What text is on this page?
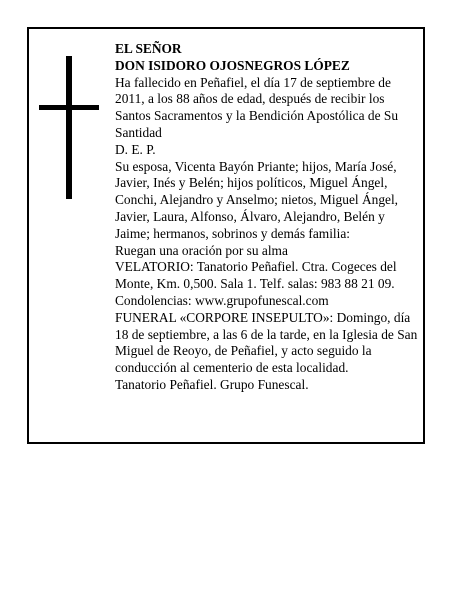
EL SEÑOR

DON ISIDORO OJOSNEGROS LÓPEZ

Ha fallecido en Peñafiel, el día 17 de septiembre de 2011, a los 88 años de edad, después de recibir los Santos Sacramentos y la Bendición Apostólica de Su Santidad

D. E. P.

Su esposa, Vicenta Bayón Priante; hijos, María José, Javier, Inés y Belén; hijos políticos, Miguel Ángel, Conchi, Alejandro y Anselmo; nietos, Miguel Ángel, Javier, Laura, Alfonso, Álvaro, Alejandro, Belén y Jaime; hermanos, sobrinos y demás familia:

Ruegan una oración por su alma

VELATORIO: Tanatorio Peñafiel. Ctra. Cogeces del Monte, Km. 0,500. Sala 1. Telf. salas: 983 88 21 09.

Condolencias: www.grupofunescal.com

FUNERAL «CORPORE INSEPULTO»: Domingo, día 18 de septiembre, a las 6 de la tarde, en la Iglesia de San Miguel de Reoyo, de Peñafiel, y acto seguido la conducción al cementerio de esta localidad.

Tanatorio Peñafiel. Grupo Funescal.
